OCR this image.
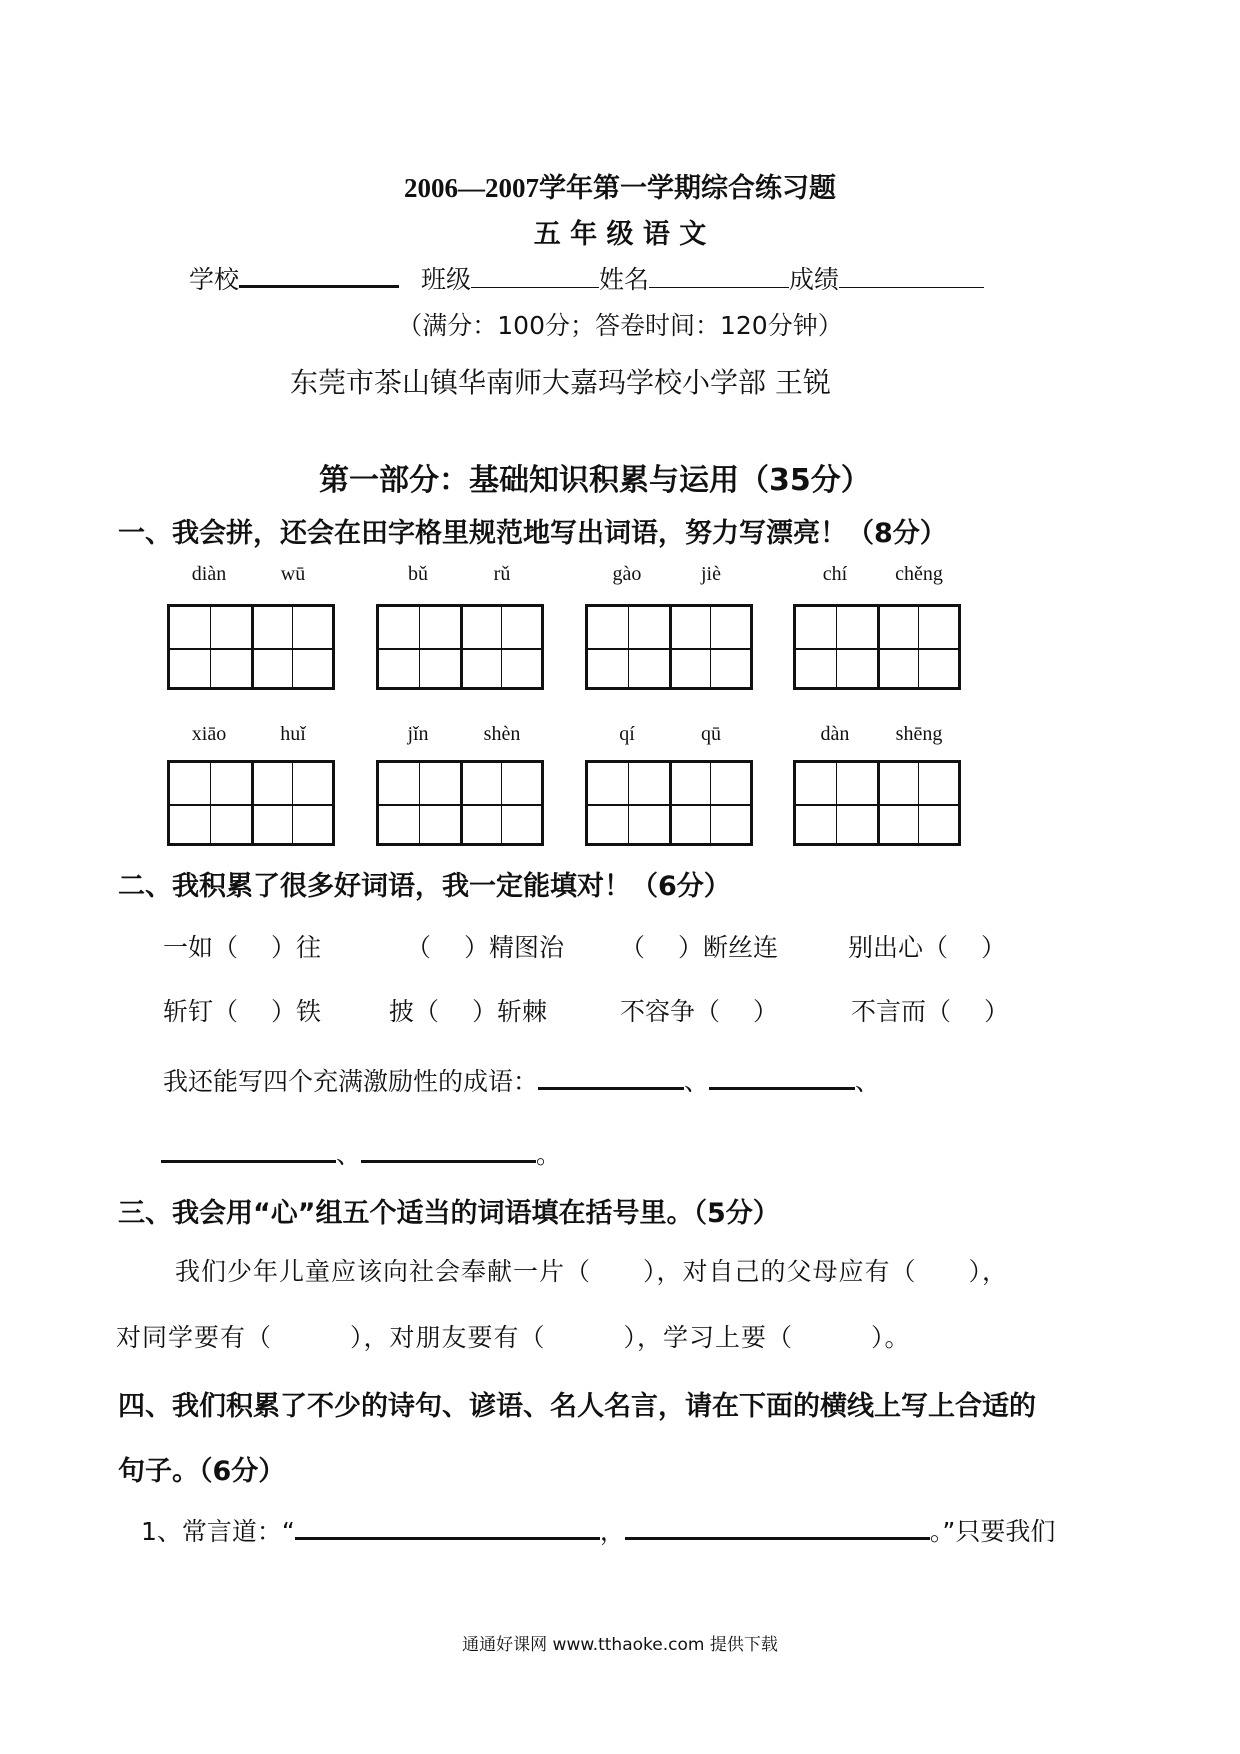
2006—2007学年第一学期综合练习题
五 年 级 语 文
学校	班级	姓名	成绩
（满分：100分；答卷时间：120分钟）
东莞市茶山镇华南师大嘉玛学校小学部 王锐
第一部分：基础知识积累与运用（35分）
一、我会拼，还会在田字格里规范地写出词语，努力写漂亮！（8分）
diàn	wū	bǔ	rǔ	gào	jiè	chí	chěng
xiāo	huǐ	jǐn	shèn	qí	qū	dàn	shēng
二、我积累了很多好词语，我一定能填对！（6分）
一如（　 ）往	（　 ）精图治 （　 ）断丝连	别出心（　 ）
斩钉（　 ）铁	披（　 ）斩棘	不容争（　 ）	不言而（　 ）
我还能写四个充满激励性的成语：	、	、
、	。
三、我会用“心”组五个适当的词语填在括号里。（5分）
我们少年儿童应该向社会奉献一片（　　），对自己的父母应有（　　），
对同学要有（　　　），对朋友要有（　　　），学习上要（　　　）。
四、我们积累了不少的诗句、谚语、名人名言，请在下面的横线上写上合适的
句子。（6分）
1、常言道：“	，	。”只要我们
通通好课网 www.tthaoke.com 提供下载
